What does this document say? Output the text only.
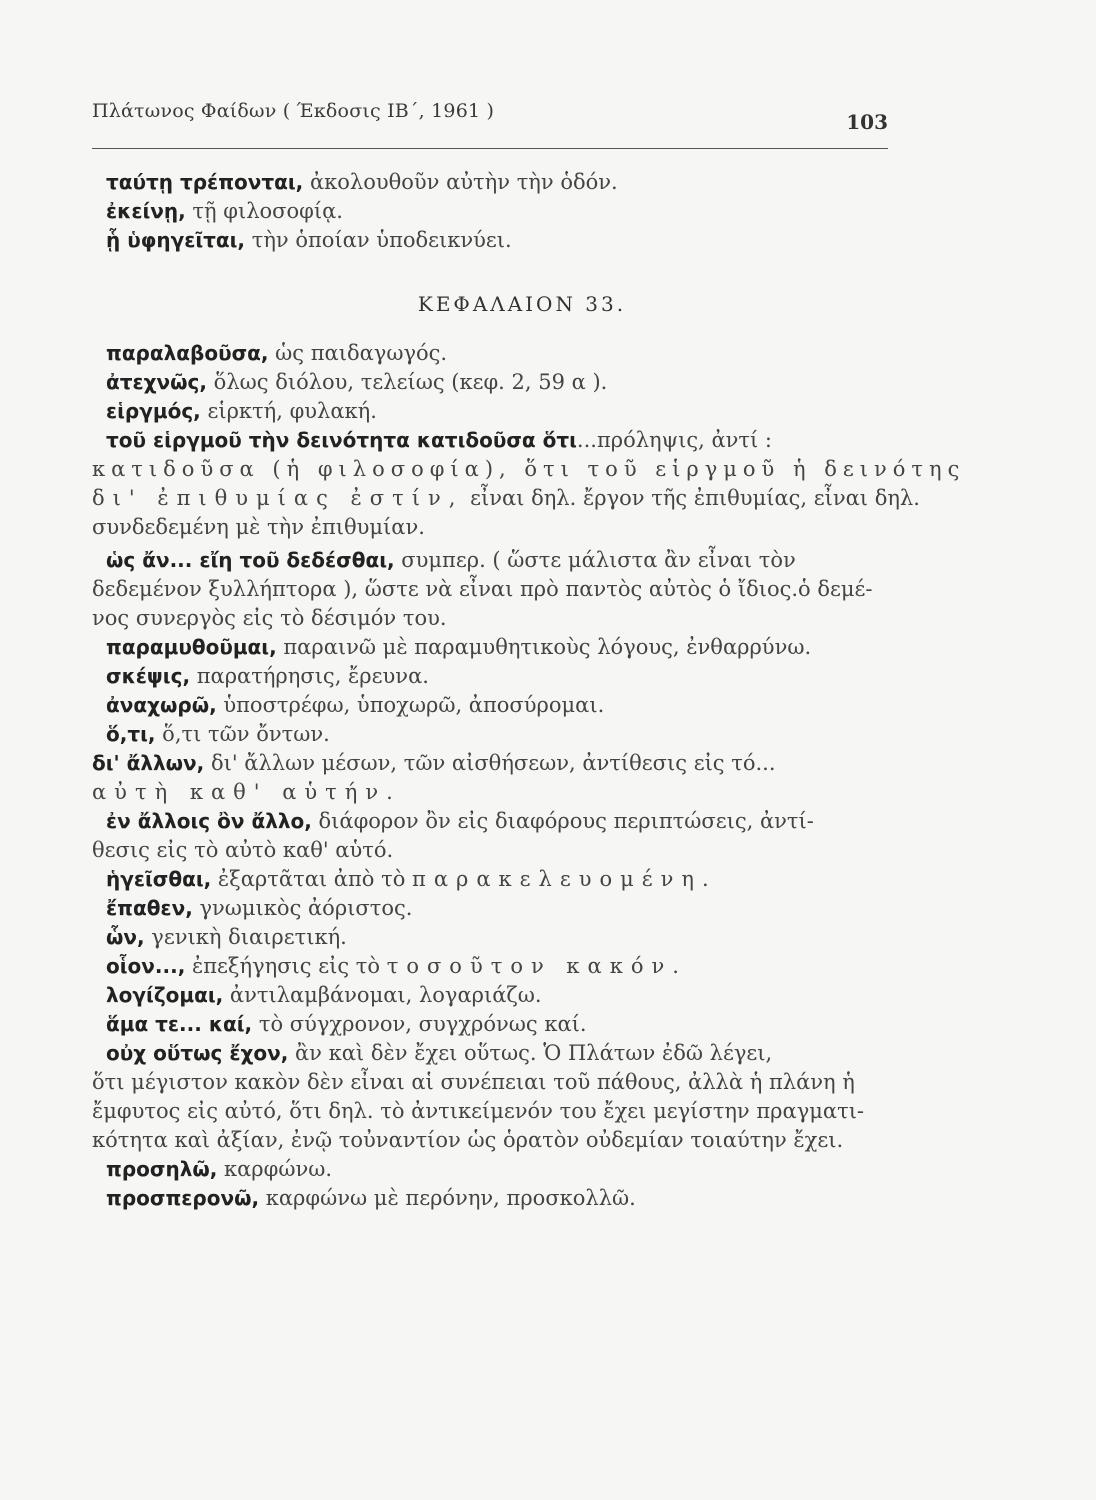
Πλάτωνος Φαίδων ( Έκδοσις ΙΒ΄, 1961 )	103
ταύτῃ τρέπονται, ἀκολουθοῦν αὐτὴν τὴν ὁδόν.
ἐκείνῃ, τῇ φιλοσοφίᾳ.
ᾗ ὑφηγεῖται, τὴν ὁποίαν ὑποδεικνύει.
ΚΕΦΑΛΑΙΟΝ 33.
παραλαβοῦσα, ὡς παιδαγωγός.
ἀτεχνῶς, ὅλως διόλου, τελείως (κεφ. 2, 59 α ).
εἱργμός, εἱρκτή, φυλακή.
τοῦ εἱργμοῦ τὴν δεινότητα κατιδοῦσα ὅτι...πρόληψις, ἀντί :
κατιδοῦσα (ἡ φιλοσοφία), ὅτι τοῦ εἱργμοῦ ἡ δεινότης
δι' ἐπιθυμίας ἐστίν, εἶναι δηλ. ἔργον τῆς ἐπιθυμίας, εἶναι δηλ.
συνδεδεμένη μὲ τὴν ἐπιθυμίαν.
ὡς ἄν... εἴη τοῦ δεδέσθαι, συμπερ. ( ὥστε μάλιστα ἂν εἶναι τὸν
δεδεμένον ξυλλήπτορα ), ὥστε νὰ εἶναι πρὸ παντὸς αὐτὸς ὁ ἴδιος.ὁ δεμέ-
νος συνεργὸς εἰς τὸ δέσιμόν του.
παραμυθοῦμαι, παραινῶ μὲ παραμυθητικοὺς λόγους, ἐνθαρρύνω.
σκέψις, παρατήρησις, ἔρευνα.
ἀναχωρῶ, ὑποστρέφω, ὑποχωρῶ, ἀποσύρομαι.
ὅ,τι, ὅ,τι τῶν ὄντων.
δι' ἄλλων, δι' ἄλλων μέσων, τῶν αἰσθήσεων, ἀντίθεσις εἰς τό...
αὐτὴ καθ' αὑτήν.
ἐν ἄλλοις ὂν ἄλλο, διάφορον ὂν εἰς διαφόρους περιπτώσεις, ἀντί-
θεσις εἰς τὸ αὐτὸ καθ' αὑτό.
ἡγεῖσθαι, ἐξαρτᾶται ἀπὸ τὸ παρακελευομένη.
ἔπαθεν, γνωμικὸς ἀόριστος.
ὧν, γενικὴ διαιρετική.
οἷον..., ἐπεξήγησις εἰς τὸ τοσοῦτον κακόν.
λογίζομαι, ἀντιλαμβάνομαι, λογαριάζω.
ἅμα τε... καί, τὸ σύγχρονον, συγχρόνως καί.
οὐχ οὕτως ἔχον, ἂν καὶ δὲν ἔχει οὕτως. Ὁ Πλάτων ἐδῶ λέγει,
ὅτι μέγιστον κακὸν δὲν εἶναι αἱ συνέπειαι τοῦ πάθους, ἀλλὰ ἡ πλάνη ἡ
ἔμφυτος εἰς αὐτό, ὅτι δηλ. τὸ ἀντικείμενόν του ἔχει μεγίστην πραγματι-
κότητα καὶ ἀξίαν, ἐνῷ τοὐναντίον ὡς ὁρατὸν οὐδεμίαν τοιαύτην ἔχει.
προσηλῶ, καρφώνω.
προσπερονῶ, καρφώνω μὲ περόνην, προσκολλῶ.
